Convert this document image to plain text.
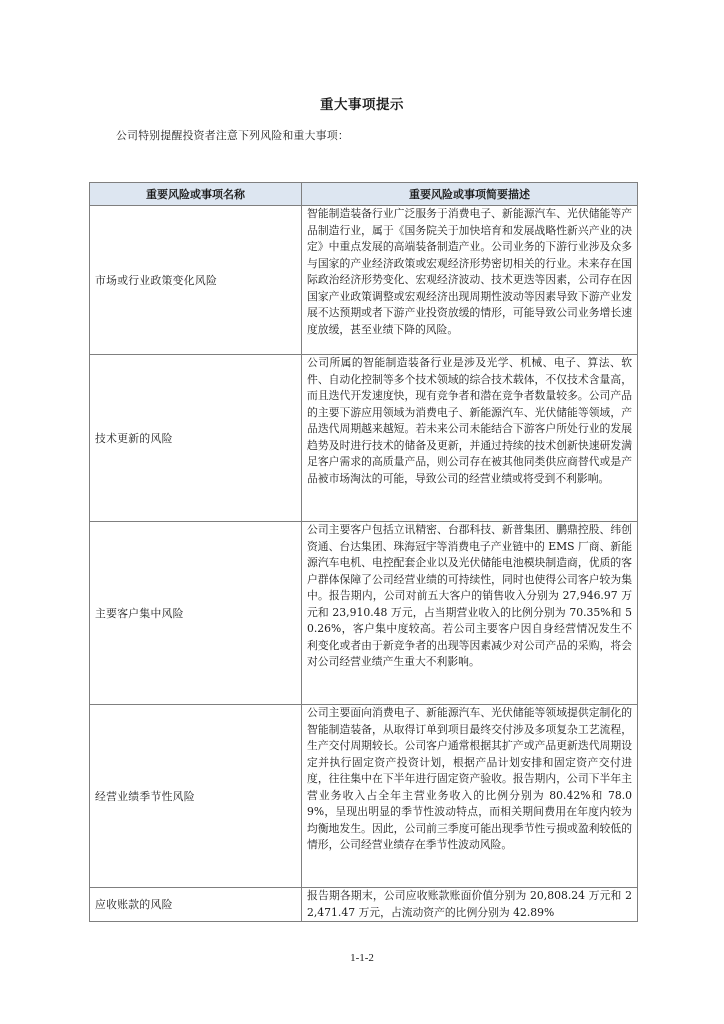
重大事项提示
公司特别提醒投资者注意下列风险和重大事项：
重要风险或事项名称	重要风险或事项简要描述
市场或行业政策变化风险	智能制造装备行业广泛服务于消费电子、新能源汽车、光伏储能等产品制造行业，属于《国务院关于加快培育和发展战略性新兴产业的决定》中重点发展的高端装备制造产业。公司业务的下游行业涉及众多与国家的产业经济政策或宏观经济形势密切相关的行业。未来存在国际政治经济形势变化、宏观经济波动、技术更迭等因素，公司存在因国家产业政策调整或宏观经济出现周期性波动等因素导致下游产业发展不达预期或者下游产业投资放缓的情形，可能导致公司业务增长速度放缓，甚至业绩下降的风险。
技术更新的风险	公司所属的智能制造装备行业是涉及光学、机械、电子、算法、软件、自动化控制等多个技术领域的综合技术载体，不仅技术含量高，而且迭代开发速度快，现有竞争者和潜在竞争者数量较多。公司产品的主要下游应用领域为消费电子、新能源汽车、光伏储能等领域，产品迭代周期越来越短。若未来公司未能结合下游客户所处行业的发展趋势及时进行技术的储备及更新，并通过持续的技术创新快速研发满足客户需求的高质量产品，则公司存在被其他同类供应商替代或是产品被市场淘汰的可能，导致公司的经营业绩或将受到不利影响。
主要客户集中风险	公司主要客户包括立讯精密、台郡科技、新普集团、鹏鼎控股、纬创资通、台达集团、珠海冠宇等消费电子产业链中的 EMS 厂商、新能源汽车电机、电控配套企业以及光伏储能电池模块制造商，优质的客户群体保障了公司经营业绩的可持续性，同时也使得公司客户较为集中。报告期内，公司对前五大客户的销售收入分别为 27,946.97 万元和 23,910.48 万元，占当期营业收入的比例分别为 70.35%和 50.26%，客户集中度较高。若公司主要客户因自身经营情况发生不利变化或者由于新竞争者的出现等因素减少对公司产品的采购，将会对公司经营业绩产生重大不利影响。
经营业绩季节性风险	公司主要面向消费电子、新能源汽车、光伏储能等领域提供定制化的智能制造装备，从取得订单到项目最终交付涉及多项复杂工艺流程，生产交付周期较长。公司客户通常根据其扩产或产品更新迭代周期设定并执行固定资产投资计划，根据产品计划安排和固定资产交付进度，往往集中在下半年进行固定资产验收。报告期内，公司下半年主营业务收入占全年主营业务收入的比例分别为 80.42%和 78.09%，呈现出明显的季节性波动特点，而相关期间费用在年度内较为均衡地发生。因此，公司前三季度可能出现季节性亏损或盈利较低的情形，公司经营业绩存在季节性波动风险。
应收账款的风险	报告期各期末，公司应收账款账面价值分别为 20,808.24 万元和 22,471.47 万元，占流动资产的比例分别为 42.89%
1-1-2
